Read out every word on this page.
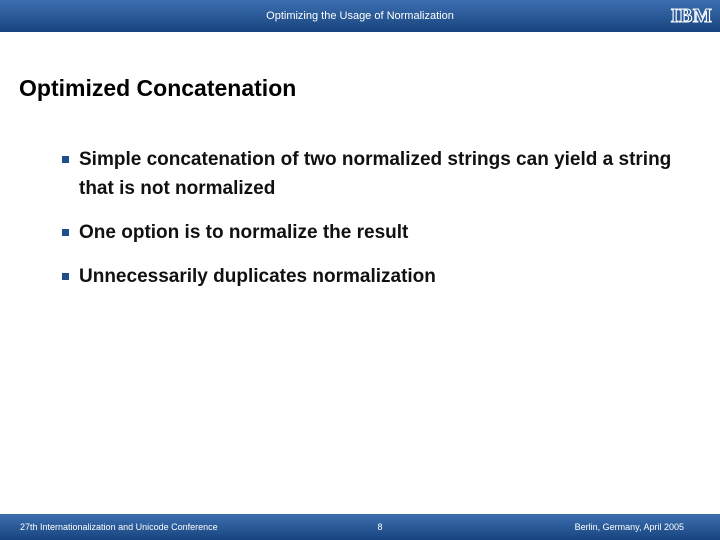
Optimizing the Usage of Normalization	IBM
Optimized Concatenation
Simple concatenation of two normalized strings can yield a string that is not normalized
One option is to normalize the result
Unnecessarily duplicates normalization
27th Internationalization and Unicode Conference	8	Berlin, Germany, April 2005
